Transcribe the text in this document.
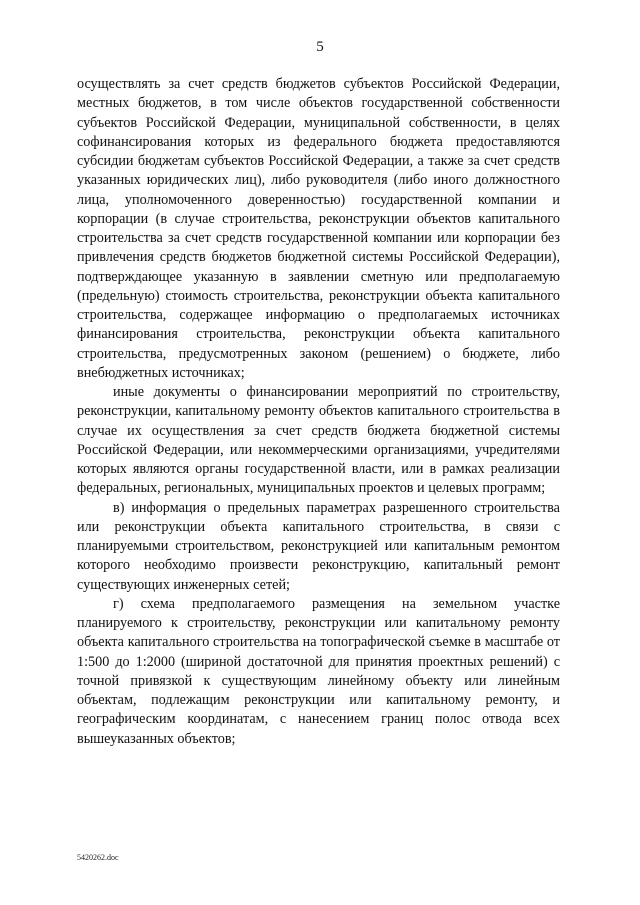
5

осуществлять за счет средств бюджетов субъектов Российской Федерации, местных бюджетов, в том числе объектов государственной собственности субъектов Российской Федерации, муниципальной собственности, в целях софинансирования которых из федерального бюджета предоставляются субсидии бюджетам субъектов Российской Федерации, а также за счет средств указанных юридических лиц), либо руководителя (либо иного должностного лица, уполномоченного доверенностью) государственной компании и корпорации (в случае строительства, реконструкции объектов капитального строительства за счет средств государственной компании или корпорации без привлечения средств бюджетов бюджетной системы Российской Федерации), подтверждающее указанную в заявлении сметную или предполагаемую (предельную) стоимость строительства, реконструкции объекта капитального строительства, содержащее информацию о предполагаемых источниках финансирования строительства, реконструкции объекта капитального строительства, предусмотренных законом (решением) о бюджете, либо внебюджетных источниках;

иные документы о финансировании мероприятий по строительству, реконструкции, капитальному ремонту объектов капитального строительства в случае их осуществления за счет средств бюджета бюджетной системы Российской Федерации, или некоммерческими организациями, учредителями которых являются органы государственной власти, или в рамках реализации федеральных, региональных, муниципальных проектов и целевых программ;

в) информация о предельных параметрах разрешенного строительства или реконструкции объекта капитального строительства, в связи с планируемыми строительством, реконструкцией или капитальным ремонтом которого необходимо произвести реконструкцию, капитальный ремонт существующих инженерных сетей;

г) схема предполагаемого размещения на земельном участке планируемого к строительству, реконструкции или капитальному ремонту объекта капитального строительства на топографической съемке в масштабе от 1:500 до 1:2000 (шириной достаточной для принятия проектных решений) с точной привязкой к существующим линейному объекту или линейным объектам, подлежащим реконструкции или капитальному ремонту, и географическим координатам, с нанесением границ полос отвода всех вышеуказанных объектов;

5420262.doc
